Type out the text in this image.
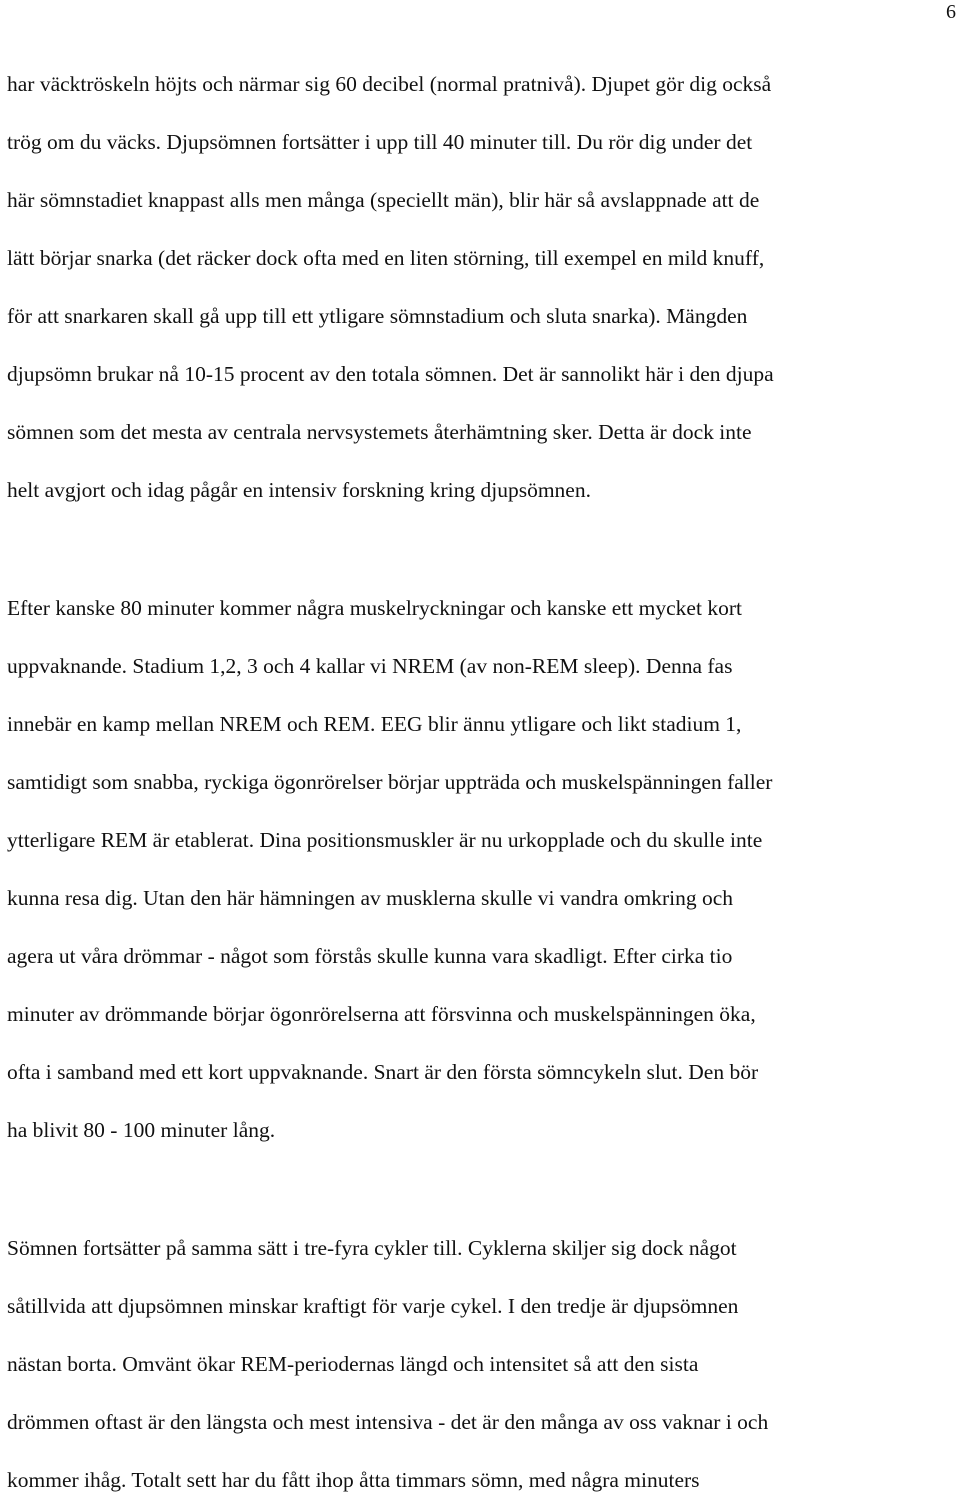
6

har väcktröskeln höjts och närmar sig 60 decibel (normal pratnivå). Djupet gör dig också

trög om du väcks. Djupsömnen fortsätter i upp till 40 minuter till. Du rör dig under det

här sömnstadiet knappast alls men många (speciellt män), blir här så avslappnade att de

lätt börjar snarka (det räcker dock ofta med en liten störning, till exempel en mild knuff,

för att snarkaren skall gå upp till ett ytligare sömnstadium och sluta snarka). Mängden

djupsömn brukar nå 10-15 procent av den totala sömnen. Det är sannolikt här i den djupa

sömnen som det mesta av centrala nervsystemets återhämtning sker. Detta är dock inte

helt avgjort och idag pågår en intensiv forskning kring djupsömnen.

Efter kanske 80 minuter kommer några muskelryckningar och kanske ett mycket kort

uppvaknande. Stadium 1,2, 3 och 4 kallar vi NREM (av non-REM sleep). Denna fas

innebär en kamp mellan NREM och REM. EEG blir ännu ytligare och likt stadium 1,

samtidigt som snabba, ryckiga ögonrörelser börjar uppträda och muskelspänningen faller

ytterligare REM är etablerat. Dina positionsmuskler är nu urkopplade och du skulle inte

kunna resa dig. Utan den här hämningen av musklerna skulle vi vandra omkring och

agera ut våra drömmar - något som förstås skulle kunna vara skadligt. Efter cirka tio

minuter av drömmande börjar ögonrörelserna att försvinna och muskelspänningen öka,

ofta i samband med ett kort uppvaknande. Snart är den första sömncykeln slut. Den bör

ha blivit 80 - 100 minuter lång.

Sömnen fortsätter på samma sätt i tre-fyra cykler till. Cyklerna skiljer sig dock något

såtillvida att djupsömnen minskar kraftigt för varje cykel. I den tredje är djupsömnen

nästan borta. Omvänt ökar REM-periodernas längd och intensitet så att den sista

drömmen oftast är den längsta och mest intensiva - det är den många av oss vaknar i och

kommer ihåg. Totalt sett har du fått ihop åtta timmars sömn, med några minuters
